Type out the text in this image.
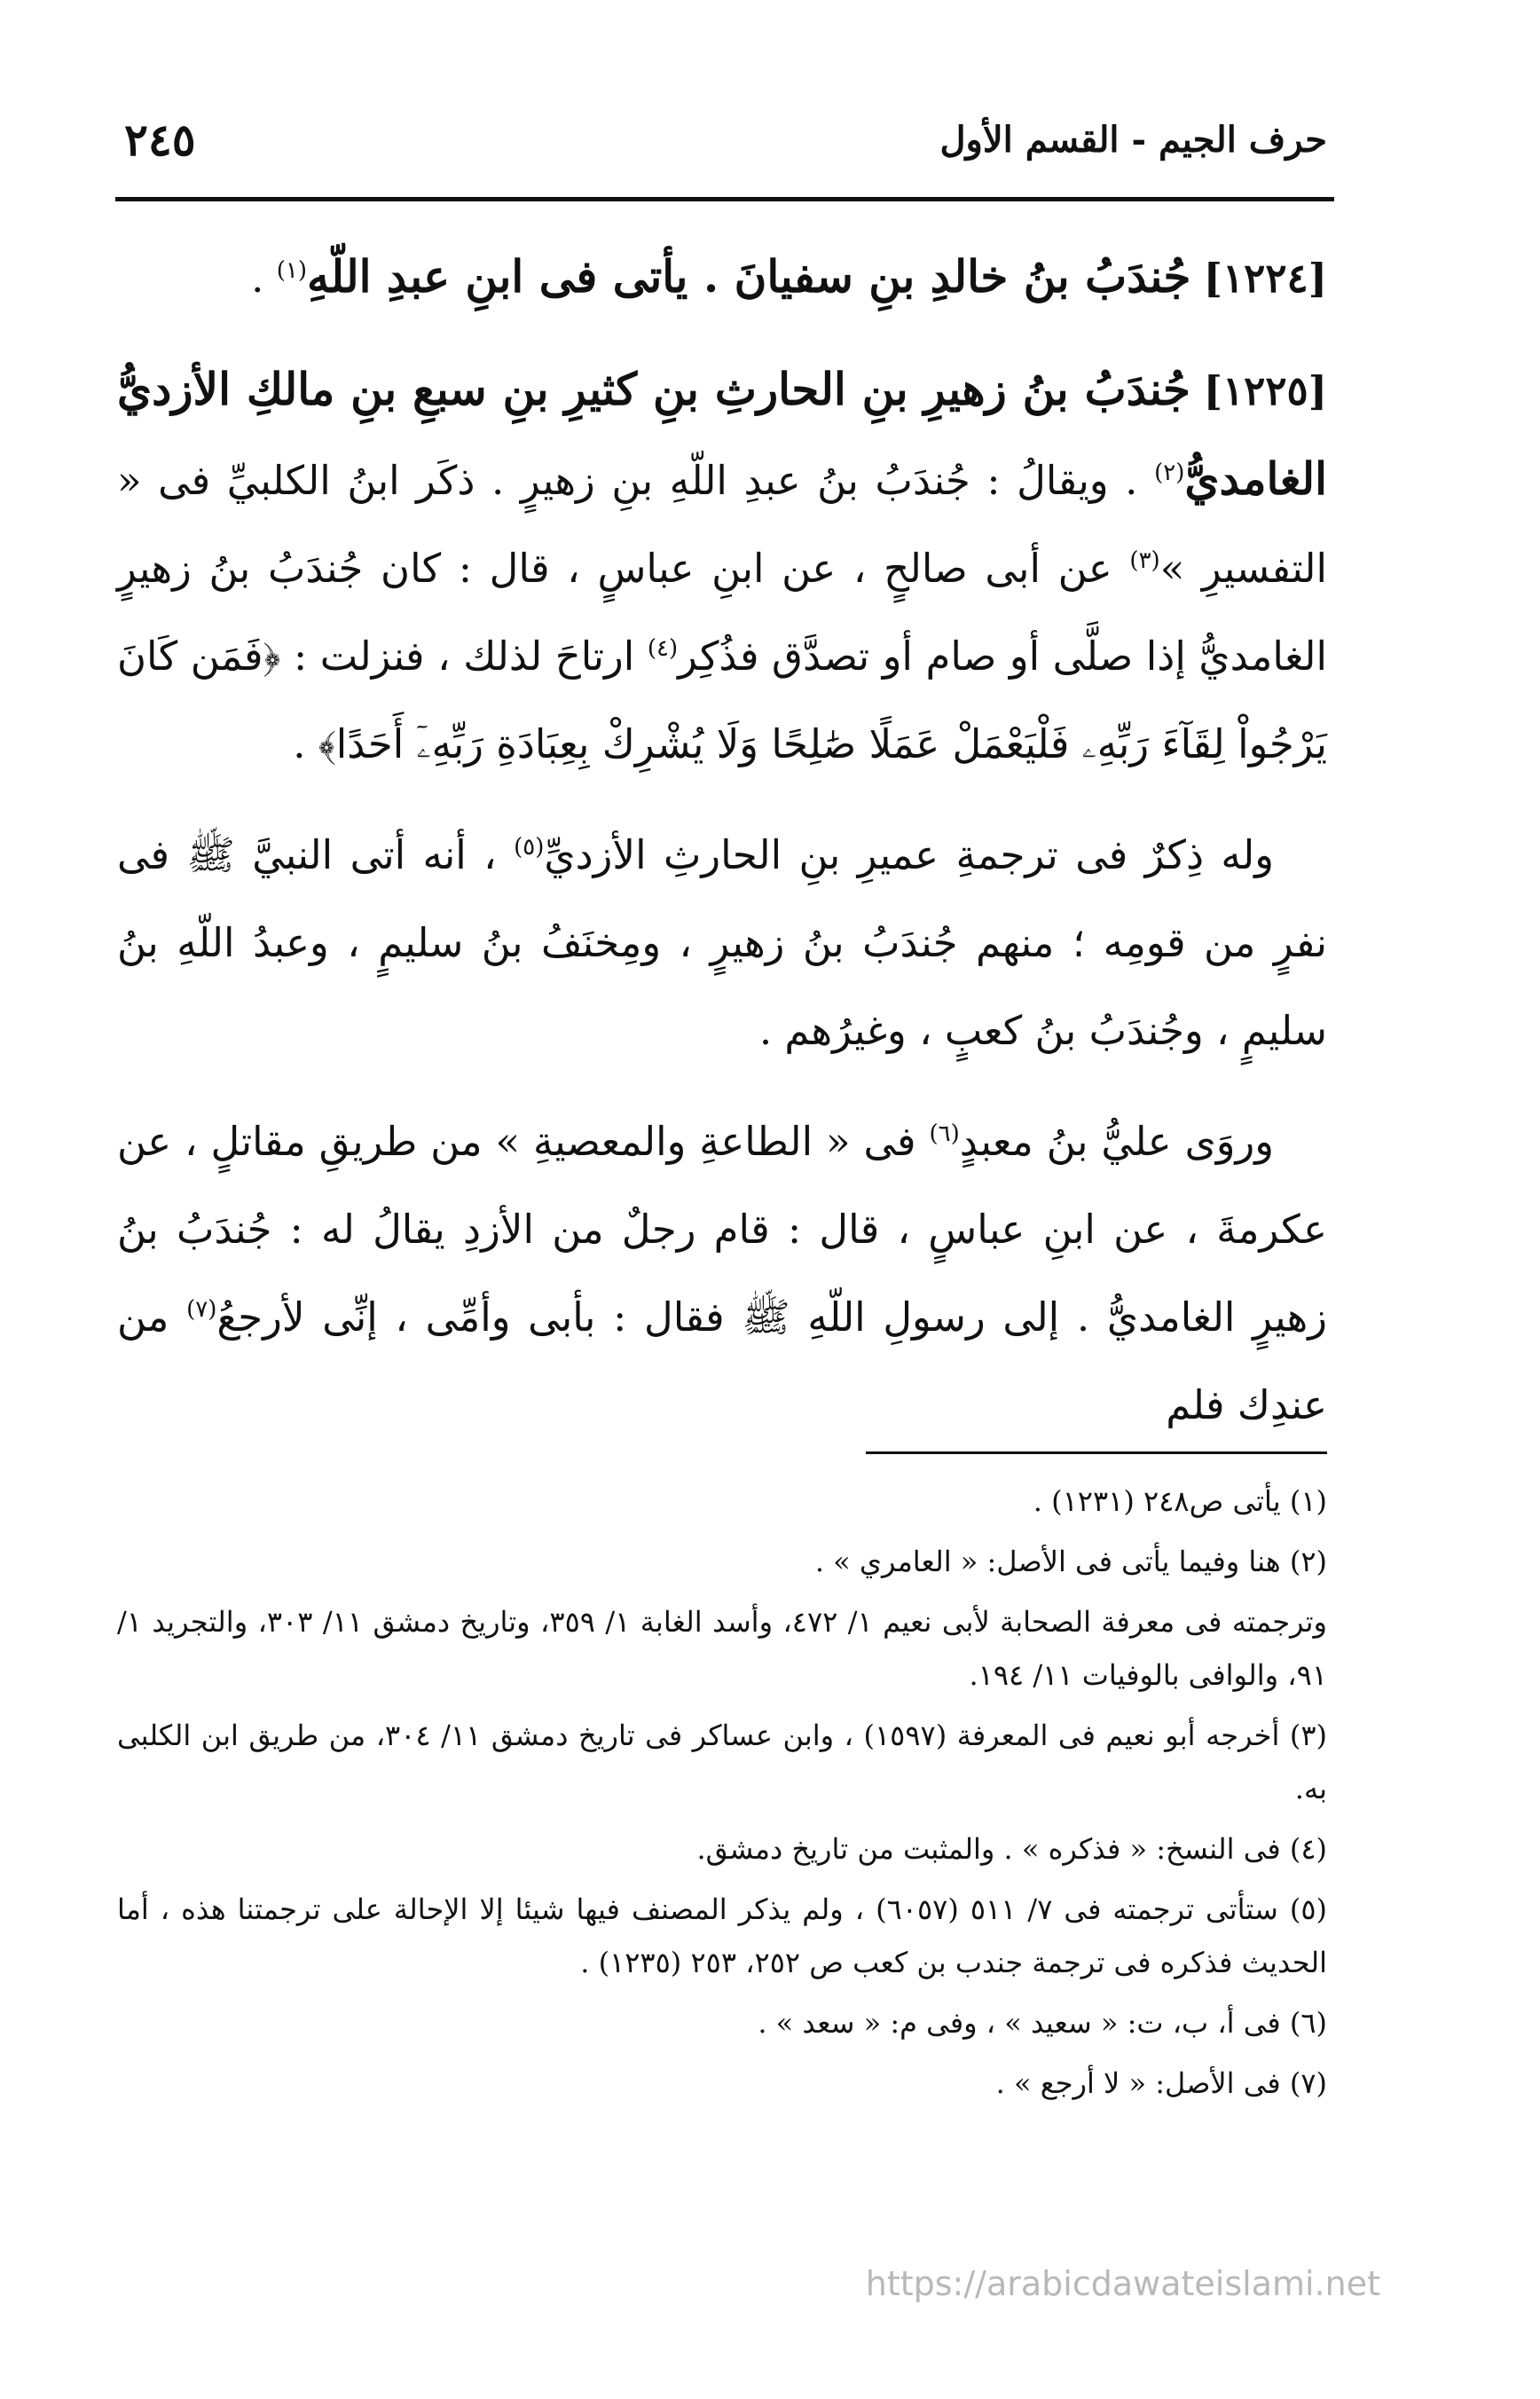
٢٤٥	حرف الجيم - القسم الأول

[١٢٢٤] جُندَبُ بنُ خالدِ بنِ سفيانَ . يأتى فى ابنِ عبدِ اللّهِ$^{(١)}$ .

[١٢٢٥] جُندَبُ بنُ زهيرِ بنِ الحارثِ بنِ كثيرِ بنِ سبعِ بنِ مالكِ الأزديُّ الغامديُّ$^{(٢)}$ . ويقالُ : جُندَبُ بنُ عبدِ اللّهِ بنِ زهيرٍ . ذكَر ابنُ الكلبيِّ فى « التفسيرِ »$^{(٣)}$ عن أبى صالحٍ ، عن ابنِ عباسٍ ، قال : كان جُندَبُ بنُ زهيرٍ الغامديُّ إذا صلَّى أو صام أو تصدَّق فذُكِر$^{(٤)}$ ارتاحَ لذلك ، فنزلت : ﴿فَمَن كَانَ يَرْجُواْ لِقَآءَ رَبِّهِۦ فَلْيَعْمَلْ عَمَلًا صَٰلِحًا وَلَا يُشْرِكْ بِعِبَادَةِ رَبِّهِۦٓ أَحَدًا﴾ .

وله ذِكرٌ فى ترجمةِ عميرِ بنِ الحارثِ الأزديِّ$^{(٥)}$ ، أنه أتى النبيَّ ﷺ فى نفرٍ من قومِه ؛ منهم جُندَبُ بنُ زهيرٍ ، ومِخنَفُ بنُ سليمٍ ، وعبدُ اللّهِ بنُ سليمٍ ، وجُندَبُ بنُ كعبٍ ، وغيرُهم .

وروَى عليُّ بنُ معبدٍ$^{(٦)}$ فى « الطاعةِ والمعصيةِ » من طريقِ مقاتلٍ ، عن عكرمةَ ، عن ابنِ عباسٍ ، قال : قام رجلٌ من الأزدِ يقالُ له : جُندَبُ بنُ زهيرٍ الغامديُّ . إلى رسولِ اللّهِ ﷺ فقال : بأبى وأمِّى ، إنِّى لأرجعُ$^{(٧)}$ من عندِك فلم

(١) يأتى ص٢٤٨ (١٢٣١) .
(٢) هنا وفيما يأتى فى الأصل: « العامري » .
وترجمته فى معرفة الصحابة لأبى نعيم ١/ ٤٧٢، وأسد الغابة ١/ ٣٥٩، وتاريخ دمشق ١١/ ٣٠٣، والتجريد ١/ ٩١، والوافى بالوفيات ١١/ ١٩٤.
(٣) أخرجه أبو نعيم فى المعرفة (١٥٩٧) ، وابن عساكر فى تاريخ دمشق ١١/ ٣٠٤، من طريق ابن الكلبى به.
(٤) فى النسخ: « فذكره » . والمثبت من تاريخ دمشق.
(٥) ستأتى ترجمته فى ٧/ ٥١١ (٦٠٥٧) ، ولم يذكر المصنف فيها شيئا إلا الإحالة على ترجمتنا هذه ، أما الحديث فذكره فى ترجمة جندب بن كعب ص ٢٥٢، ٢٥٣ (١٢٣٥) .
(٦) فى أ، ب، ت: « سعيد » ، وفى م: « سعد » .
(٧) فى الأصل: « لا أرجع » .
https://arabicdawateislami.net
